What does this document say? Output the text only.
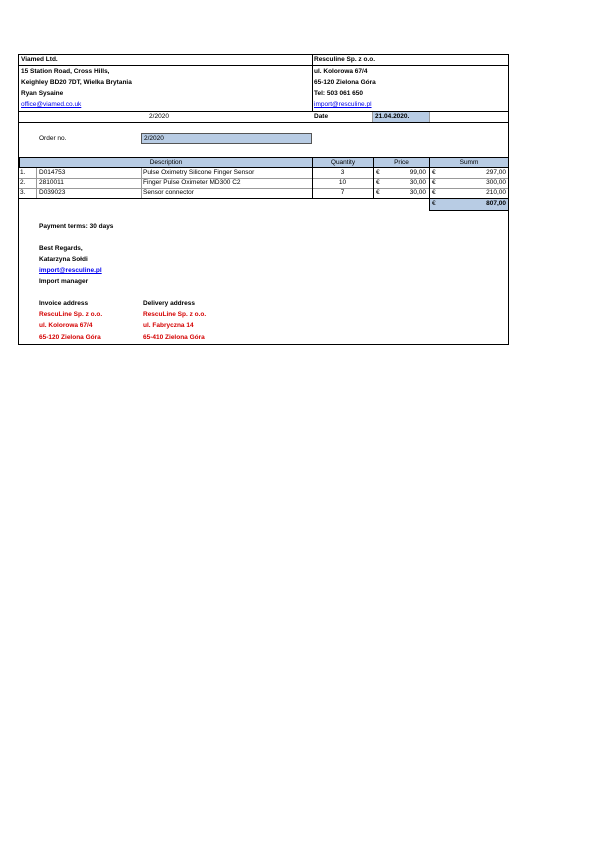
Viamed Ltd.	Resculine Sp. z o.o.
15 Station Road, Cross Hills,	ul. Kolorowa 67/4
Keighley BD20 7DT, Wielka Brytania	65-120 Zielona Góra
Ryan Sysaine	Tel: 503 061 650
office@viamed.co.uk	import@resculine.pl
2/2020	Date	21.04.2020.
Order no.	2/2020
Description	Quantity	Price	Summ
1. D014753	Pulse Oximetry Silicone Finger Sensor	3	€	99,00 €	297,00
2. 2810011	Finger Pulse Oximeter MD300 C2	10	€	30,00 €	300,00
3. D039023	Sensor connector	7	€	30,00 €	210,00
€	807,00
Payment terms: 30 days
Best Regards,
Katarzyna Sołdi
import@resculine.pl
Import manager
Invoice address	Delivery address
RescuLine Sp. z o.o.	RescuLine Sp. z o.o.
ul. Kolorowa 67/4	ul. Fabryczna 14
65-120 Zielona Góra	65-410 Zielona Góra
